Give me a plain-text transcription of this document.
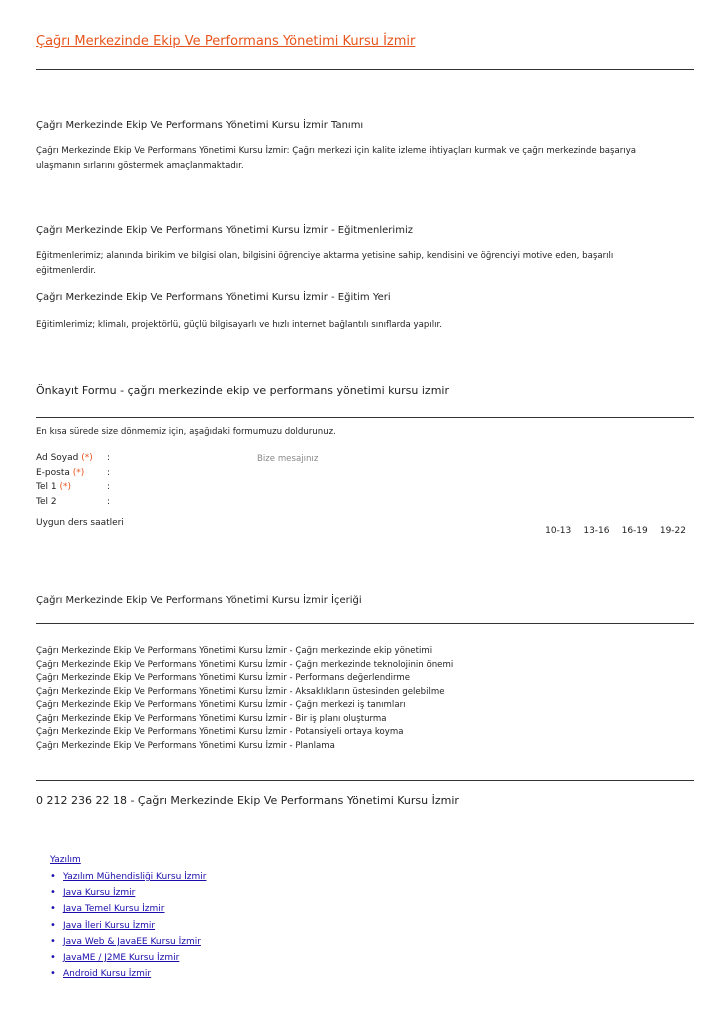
Çağrı Merkezinde Ekip Ve Performans Yönetimi Kursu İzmir
Çağrı Merkezinde Ekip Ve Performans Yönetimi Kursu İzmir Tanımı
Çağrı Merkezinde Ekip Ve Performans Yönetimi Kursu İzmir: Çağrı merkezi için kalite izleme ihtiyaçları kurmak ve çağrı merkezinde başarıya
ulaşmanın sırlarını göstermek amaçlanmaktadır.
Çağrı Merkezinde Ekip Ve Performans Yönetimi Kursu İzmir - Eğitmenlerimiz
Eğitmenlerimiz; alanında birikim ve bilgisi olan, bilgisini öğrenciye aktarma yetisine sahip, kendisini ve öğrenciyi motive eden, başarılı
eğitmenlerdir.
Çağrı Merkezinde Ekip Ve Performans Yönetimi Kursu İzmir - Eğitim Yeri
Eğitimlerimiz; klimalı, projektörlü, güçlü bilgisayarlı ve hızlı internet bağlantılı sınıflarda yapılır.
Önkayıt Formu - çağrı merkezinde ekip ve performans yönetimi kursu izmir
En kısa sürede size dönmemiz için, aşağıdaki formumuzu doldurunuz.
Ad Soyad (*) :
E-posta (*)	:
Tel 1 (*)	:
Tel 2	:
Bize mesajınız
Uygun ders saatleri
10-13 13-16 16-19 19-22
Çağrı Merkezinde Ekip Ve Performans Yönetimi Kursu İzmir İçeriği
Çağrı Merkezinde Ekip Ve Performans Yönetimi Kursu İzmir - Çağrı merkezinde ekip yönetimi
Çağrı Merkezinde Ekip Ve Performans Yönetimi Kursu İzmir - Çağrı merkezinde teknolojinin önemi
Çağrı Merkezinde Ekip Ve Performans Yönetimi Kursu İzmir - Performans değerlendirme
Çağrı Merkezinde Ekip Ve Performans Yönetimi Kursu İzmir - Aksaklıkların üstesinden gelebilme
Çağrı Merkezinde Ekip Ve Performans Yönetimi Kursu İzmir - Çağrı merkezi iş tanımları
Çağrı Merkezinde Ekip Ve Performans Yönetimi Kursu İzmir - Bir iş planı oluşturma
Çağrı Merkezinde Ekip Ve Performans Yönetimi Kursu İzmir - Potansiyeli ortaya koyma
Çağrı Merkezinde Ekip Ve Performans Yönetimi Kursu İzmir - Planlama
0 212 236 22 18 - Çağrı Merkezinde Ekip Ve Performans Yönetimi Kursu İzmir
Yazılım
• Yazılım Mühendisliği Kursu İzmir
• Java Kursu İzmir
• Java Temel Kursu İzmir
• Java İleri Kursu İzmir
• Java Web & JavaEE Kursu İzmir
• JavaME / J2ME Kursu İzmir
• Android Kursu İzmir
